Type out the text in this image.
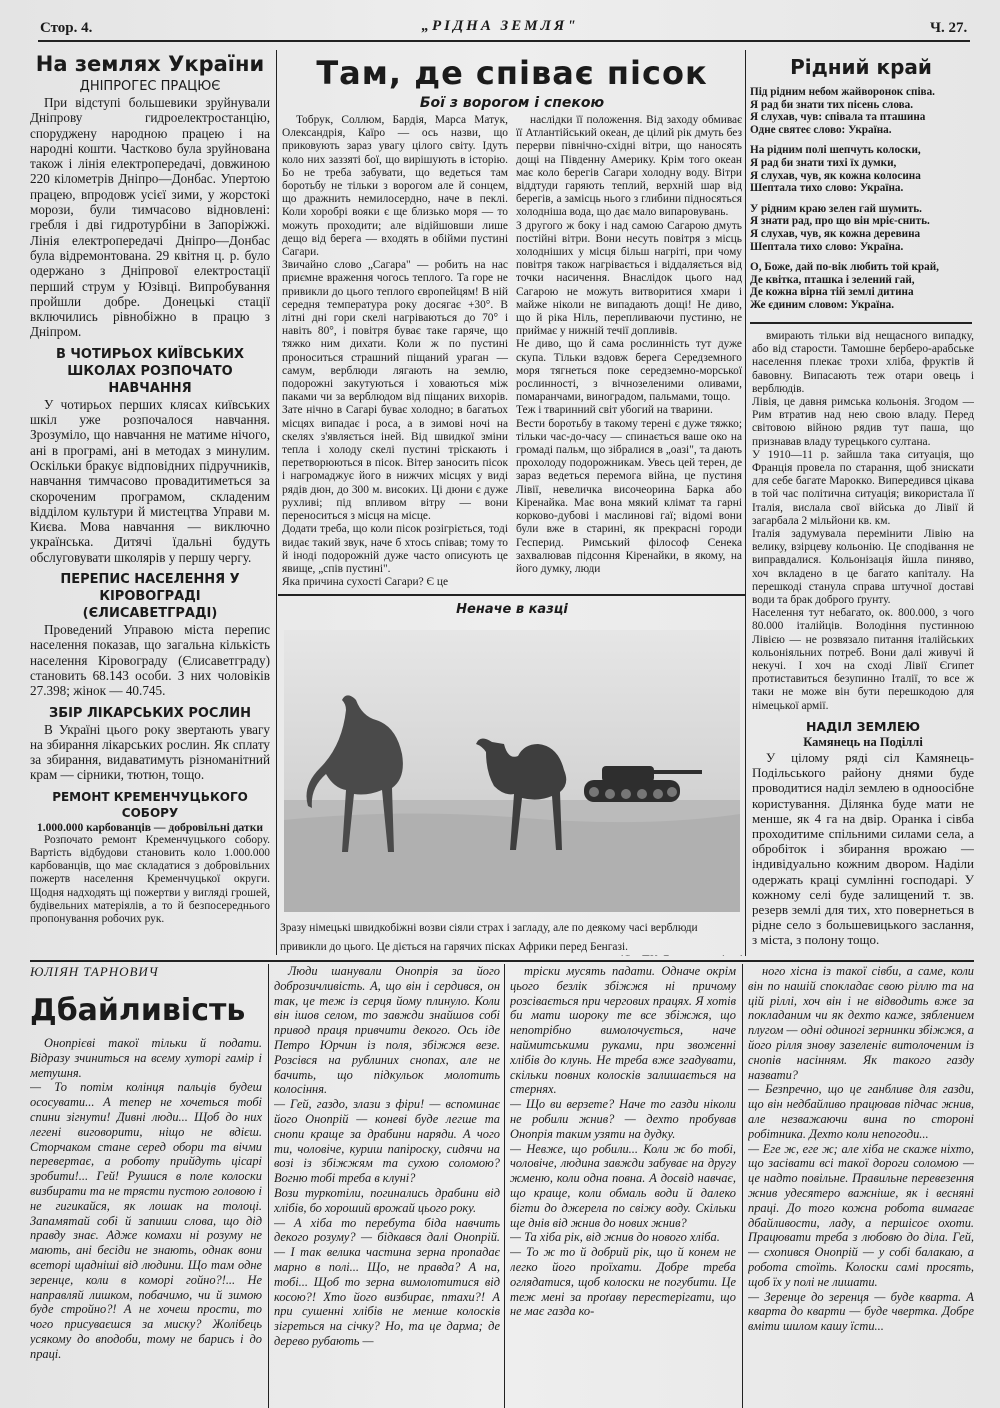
Стор. 4.	„РІДНА ЗЕМЛЯ"	Ч. 27.
На землях України
ДНІПРОГЕС ПРАЦЮЄ

При відступі большевики зруйнували Дніпрову гидроелектростанцію, споруджену народною працею і на народні кошти. Частково була зруйнована також і лінія електропередачі, довжиною 220 кілометрів Дніпро—Донбас. Упертою працею, впродовж усієї зими, у жорстокі морози, були тимчасово відновлені: гребля і дві гидротурбіни в Запоріжжі. Лінія електропередачі Дніпро—Донбас була відремонтована. 29 квітня ц. р. було одержано з Дніпрової електростації перший струм у Юзівці. Випробування пройшли добре. Донецькі стації включились рівнобіжно в працю з Дніпром.

В ЧОТИРЬОХ КИЇВСЬКИХ ШКОЛАХ РОЗПОЧАТО НАВЧАННЯ

У чотирьох перших клясах київських шкіл уже розпочалося навчання. Зрозуміло, що навчання не матиме нічого, ані в програмі, ані в методах з минулим. Оскільки бракує відповідних підручників, навчання тимчасово провадитиметься за скороченим програмом, складеним відділом культури й мистецтва Управи м. Києва. Мова навчання — виключно українська. Дитячі їдальні будуть обслуговувати школярів у першу чергу.

ПЕРЕПИС НАСЕЛЕННЯ У КІРОВОГРАДІ (ЄЛИСАВЕТГРАДІ)

Проведений Управою міста перепис населення показав, що загальна кількість населення Кіровограду (Єлисаветграду) становить 68.143 особи. З них чоловіків 27.398; жінок — 40.745.

ЗБІР ЛІКАРСЬКИХ РОСЛИН

В Україні цього року звертають увагу на збирання лікарських рослин. Як сплату за збирання, видаватимуть різноманітний крам — сірники, тютюн, тощо.

РЕМОНТ КРЕМЕНЧУЦЬКОГО СОБОРУ
1.000.000 карбованців — добровільні датки

Розпочато ремонт Кременчуцького собору. Вартість відбудови становить коло 1.000.000 карбованців, що має складатися з добровільних пожертв населення Кременчуцької округи. Щодня надходять щі пожертви у вигляді грошей, будівельних матеріялів, а то й безпосереднього пропонування робочих рук.

Там, де співає пісок
Бої з ворогом і спекою

Тобрук, Соллюм, Бардія, Марса Матук, Олександрія, Каїро — ось назви, що приковують зараз увагу цілого світу. Ідуть коло них заззяті бої, що вирішують в історію. Бо не треба забувати, що ведеться там боротьбу не тільки з ворогом але й сонцем, що дражнить немилосердно, наче в пеклі. Коли хоробрі вояки є ще близько моря — то можуть проходити; але відійшовши лише дещо від берега — входять в обійми пустині Сагари.
Звичайно слово „Сагара" — робить на нас приємне враження чогось теплого. Та горе не привикли до цього теплого європейцям! В ній середня температура року досягає +30°. В літні дні гори скелі нагріваються до 70° і навіть 80°, і повітря буває таке гаряче, що тяжко ним дихати. Коли ж по пустині проноситься страшний піщаний ураган — самум, верблюди лягають на землю, подорожні закутуються і ховаються між паками чи за верблюдом від піщаних вихорів. Зате нічно в Сагарі буває холодно; в багатьох місцях випадає і роса, а в зимові ночі на скелях з'являється іней. Від швидкої зміни тепла і холоду скелі пустині тріскають і перетворюються в пісок. Вітер заносить пісок і нагромаджує його в нижчих місцях у виді рядів дюн, до 300 м. високих. Ці дюни є дуже рухливі; під впливом вітру — вони переноситься з місця на місце.
Додати треба, що коли пісок розігріється, тоді видає такий звук, наче б хтось співав; тому то й іноді подорожній дуже часто описують це явище, „спів пустині".
Яка причина сухості Сагари? Є це

наслідки її положення. Від заходу обмиває її Атлантійський океан, де цілий рік дмуть без перерви північно-східні вітри, що наносять дощі на Південну Америку. Крім того океан має коло берегів Сагари холодну воду. Вітри віддтуди гаряють теплий, верхній шар від берегів, а замісць нього з глибини підносяться холодніша вода, що дає мало випаровувань.
З другого ж боку і над самою Сагарою дмуть постійні вітри. Вони несуть повітря з місць холодніших у місця більш нагріті, при чому повітря також нагрівається і віддаляється від точки насичення. Внаслідок цього над Сагарою не можуть витворитися хмари і майже ніколи не випадають дощі! Не диво, що й ріка Ніль, перепливаючи пустиню, не приймає у нижній течії допливів.
Не диво, що й сама рослинність тут дуже скупа. Тільки вздовж берега Середземного моря тягнеться поке середземно-морської рослинності, з вічнозеленими оливами, помаранчами, виноградом, пальмами, тощо.
Теж і тваринний світ убогий на тварини.
Вести боротьбу в такому терені є дуже тяжко; тільки час-до-часу — спинається ваше око на громаді пальм, що зібралися в „оазі", та дають прохолоду подорожникам. Увесь цей терен, де зараз ведеться перемога війна, це пустиня Лівії, невеличка височеорина Барка або Кіренайка. Має вона мякий клімат та гарні корково-дубові і маслинові гаї; відомі вони були вже в старині, як прекрасні городи Гесперид. Римський філософ Сенека захвалював підсоння Кіренайки, в якому, на його думку, люди

Неначе в казці
Зразу німецькі швидкобіжні возви сіяли страх і загладу, але по деякому часі верблюди привикли до цього. Це діється на гарячих пісках Африки перед Бенгазі.
Рідний край
Під рідним небом жайворонок співа.
Я рад би знати тих пісень слова.
Я слухав, чув: співала та пташина
Одне святеє слово: Україна.
На рідним полі шепчуть колоски,
Я рад би знати тихі їх думки,
Я слухав, чув, як кожна колосина
Шептала тихо слово: Україна.
У рідним краю зелен гай шумить.
Я знати рад, про що він мріє-снить.
Я слухав, чув, як кожна деревина
Шептала тихо слово: Україна.
О, Боже, дай по-вік любить той край,
Де квітка, пташка і зелений гай,
Де кожна вірна тій землі дитина
Же єдиним словом: Україна.

вмирають тільки від нещасного випадку, або від старости. Тамошне берберо-арабське населення плекає трохи хліба, фруктів й бавовну. Випасають теж отари овець і верблюдів.
Лівія, це давня римська кольонія. Згодом — Рим втратив над нею свою владу. Перед світовою війною рядив тут паша, що признавав владу турецького султана.
У 1910—11 р. зайшла така ситуація, що Франція провела по старання, щоб знискати для себе багате Марокко. Випередився цікава в той час політична ситуація; використала її Італія, вислала свої війська до Лівії й загарбала 2 мільйони кв. км.
Італія задумувала перемінити Лівію на велику, взірцеву кольонію. Це сподівання не виправдалися. Кольонізація йшла пиняво, хоч вкладено в це багато капіталу. На перешкоді станула справа штучної доставі води та брак доброго ґрунту.
Населення тут небагато, ок. 800.000, з чого 80.000 італійців. Володіння пустинною Лівією — не розвязало питання італійських кольоніяльних потреб. Вони далі живучі й некучі. І хоч на сході Лівії Єгипет протиставиться безупинно Італії, то все ж таки не може він бути перешкодою для німецької армії.

НАДІЛ ЗЕМЛЕЮ
Камянець на Поділлі

У цілому ряді сіл Камянець-Подільського району днями буде проводитися наділ землею в одноосібне користування. Ділянка буде мати не менше, як 4 га на двір. Оранка і сівба проходитиме спільними силами села, а обробіток і збирання врожаю — індивідуально кожним двором. Наділи одержать краці сумлінні господарі. У кожному селі буде залищений т. зв. резерв землі для тих, хто повернеться в рідне село з большевицького заслання, з міста, з полону тощо.

ЮЛІЯН ТАРНОВИЧ
Дбайливість

Онопрієві такої тільки й подати. Відразу зчиниться на всему хуторі гамір і метушня.
— То потім колінця пальців будеш ососувати... А тепер не хочеться тобі спини зігнути! Дивні люди... Щоб до них легені виговорити, ніщо не вдієш. Сторчаком стане серед обори та вічми перевертає, а роботу прийдуть цісарі зробити!... Гей! Рушися в поле колоски визбирати та не трясти пустою головою і не гигикайся, як лошак на толоці. Запамятай собі й запиши слова, що дід правду знає. Адже комахи ні розуму не мають, ані бесіди не знають, однак вони всеторі щадніші від людини. Що там одне зеренце, коли в коморі гойно?!... Не направляй лишком, побачимо, чи й зимою буде стройно?! А не хочеш прости, то чого присуваєшся за миску? Жолібець усякому до вподоби, тому не барись і до праці.

Люди шанували Онопрія за його доброзичливість. А, що він і сердився, он так, це теж із серця йому плинуло. Коли він ішов селом, то завжди знайшов собі привод праця привчити декого. Ось іде Петро Юрчин із поля, збіжжя везе. Розсівся на рублиних снопах, але не бачить, що підкульок молотить колосіння.
— Гей, газдо, злази з фіри! — вспоминає його Онопрій — коневі буде легше та снопи краще за драбини наряди. А чого ти, чоловіче, куриш папіроску, сидячи на возі із збіжжям та сухою соломою? Вогню тобі треба в клуні?
Вози туркотіли, погинались драбини від хлібів, бо хороший врожай цього року.
— А хіба то перебута біда навчить декого розуму? — бідкався далі Онопрій. — І так велика частина зерна пропадає марно в полі... Що, не правда? А на, тобі... Щоб то зерна вимолотитися від косою?! Хто його визбирає, птахи?! А при сушенні хлібів не менше колосків зігреться на січку? Но, та це дарма; де дерево рубають —

тріски мусять падати. Одначе окрім цього безлік збіжжя ні причому розсівається при чергових працях. Я хотів би мати шороку те все збіжжя, що непотрібно вимолочується, наче наймитськими руками, при звоженні хлібів до клунь. Не треба вже згадувати, скільки повних колосків залишається на стернях.
— Що ви верзете? Наче то газди ніколи не робили жнив? — дехто пробував Онопрія таким узяти на дудку.
— Невже, що робили... Коли ж бо тобі, чоловіче, людина завжди забуває на другу жменю, коли одна повна. А досвід навчає, що краще, коли обмаль води й далеко бігти до джерела по свіжу воду. Скільки ще днів від жнив до нових жнив?
— Та хіба рік, від жнив до нового хліба.
— То ж то й добрий рік, що й конем не легко його проїхати. Добре треба оглядатися, щоб колоски не погубити. Це теж мені за проґаву перестерігати, що не має газда ко-

ного хісна із такої сівби, а саме, коли він по нашій спокладає свою ріллю та на цій ріллі, хоч він і не відводить вже за покладаним чи як дехто каже, зяблением плугом — одні одиногі зернинки збіжжя, а його рілля знову зазеленіє витолоченим із снопів насінням. Як такого газду назвати?
— Безпречно, що це ганбливе для газди, що він недбайливо працював підчас жнив, але незважаючи вина по стороні робітника. Дехто коли непогоди...
— Еге ж, еге ж; але хіба не скаже ніхто, що засівати всі такої дороги соломою — це надто повільне. Правильне перевезення жнив удесятеро важніше, як і весняні праці. До того кожна робота вимагає дбайливости, ладу, а першісоє охоти. Працювати треба з любовю до діла. Гей, — схопився Онопрій — у собі балакаю, а робота стоїть. Колоски самі просять, щоб їх у полі не лишати.
— Зеренце до зеренця — буде кварта. А кварта до кварти — буде чвертка. Добре вміти шилом кашу їсти...
